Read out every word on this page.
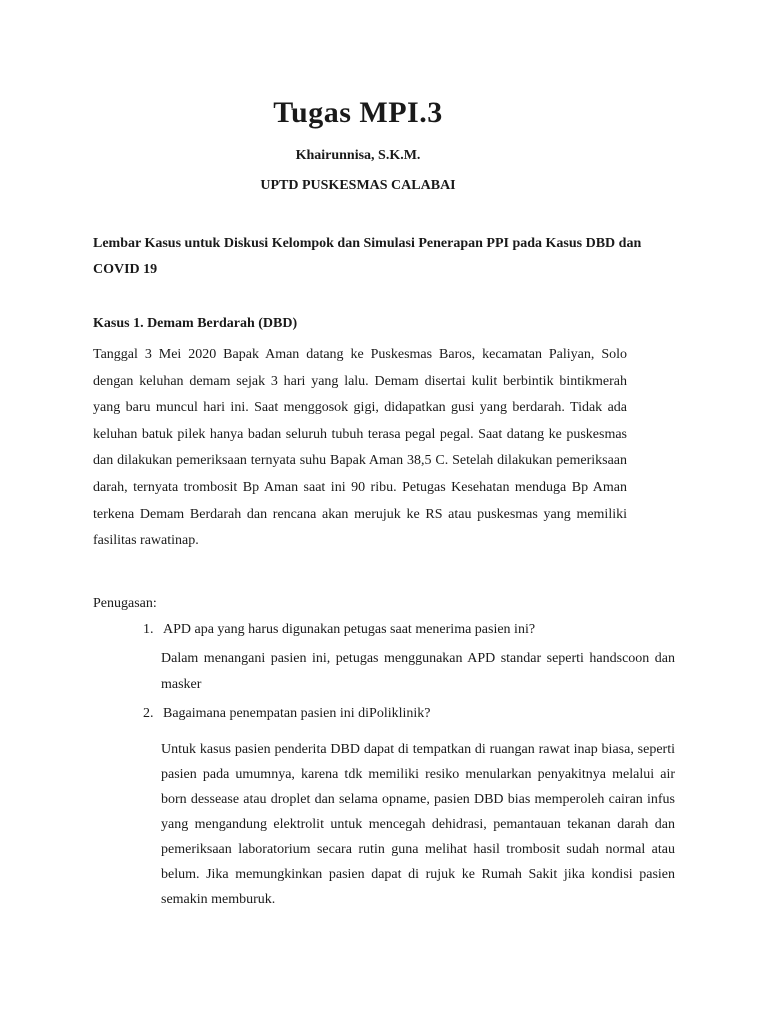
Tugas MPI.3
Khairunnisa, S.K.M.
UPTD PUSKESMAS CALABAI
Lembar Kasus untuk Diskusi Kelompok dan Simulasi Penerapan PPI pada Kasus DBD dan COVID 19
Kasus 1. Demam Berdarah (DBD)
Tanggal 3 Mei 2020 Bapak Aman datang ke Puskesmas Baros, kecamatan Paliyan, Solo dengan keluhan demam sejak 3 hari yang lalu. Demam disertai kulit berbintik bintikmerah yang baru muncul hari ini. Saat menggosok gigi, didapatkan gusi yang berdarah. Tidak ada keluhan batuk pilek hanya badan seluruh tubuh terasa pegal pegal. Saat datang ke puskesmas dan dilakukan pemeriksaan ternyata suhu Bapak Aman 38,5 C. Setelah dilakukan pemeriksaan darah, ternyata trombosit Bp Aman saat ini 90 ribu. Petugas Kesehatan menduga Bp Aman terkena Demam Berdarah dan rencana akan merujuk ke RS atau puskesmas yang memiliki fasilitas rawatinap.
Penugasan:
1. APD apa yang harus digunakan petugas saat menerima pasien ini?
Dalam menangani pasien ini, petugas menggunakan APD standar seperti handscoon dan masker
2. Bagaimana penempatan pasien ini diPoliklinik?
Untuk kasus pasien penderita DBD dapat di tempatkan di ruangan rawat inap biasa, seperti pasien pada umumnya, karena tdk memiliki resiko menularkan penyakitnya melalui air born dessease atau droplet dan selama opname, pasien DBD bias memperoleh cairan infus yang mengandung elektrolit untuk mencegah dehidrasi, pemantauan tekanan darah dan pemeriksaan laboratorium secara rutin guna melihat hasil trombosit sudah normal atau belum. Jika memungkinkan pasien dapat di rujuk ke Rumah Sakit jika kondisi pasien semakin memburuk.
